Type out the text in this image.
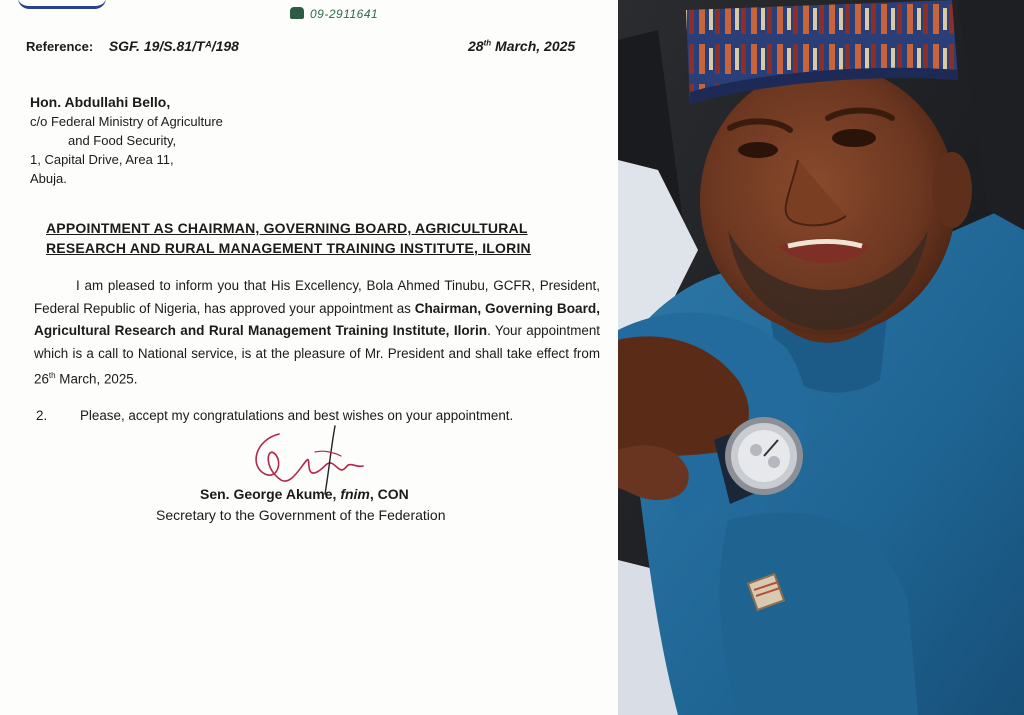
09-2911641
Reference: SGF. 19/S.81/Tᴬ/198	28th March, 2025
Hon. Abdullahi Bello,
c/o Federal Ministry of Agriculture
and Food Security,
1, Capital Drive, Area 11,
Abuja.
APPOINTMENT AS CHAIRMAN, GOVERNING BOARD, AGRICULTURAL
RESEARCH AND RURAL MANAGEMENT TRAINING INSTITUTE, ILORIN
I am pleased to inform you that His Excellency, Bola Ahmed Tinubu, GCFR, President, Federal Republic of Nigeria, has approved your appointment as Chairman, Governing Board, Agricultural Research and Rural Management Training Institute, Ilorin. Your appointment which is a call to National service, is at the pleasure of Mr. President and shall take effect from 26th March, 2025.
2. Please, accept my congratulations and best wishes on your appointment.
Sen. George Akume, fnim, CON
Secretary to the Government of the Federation
